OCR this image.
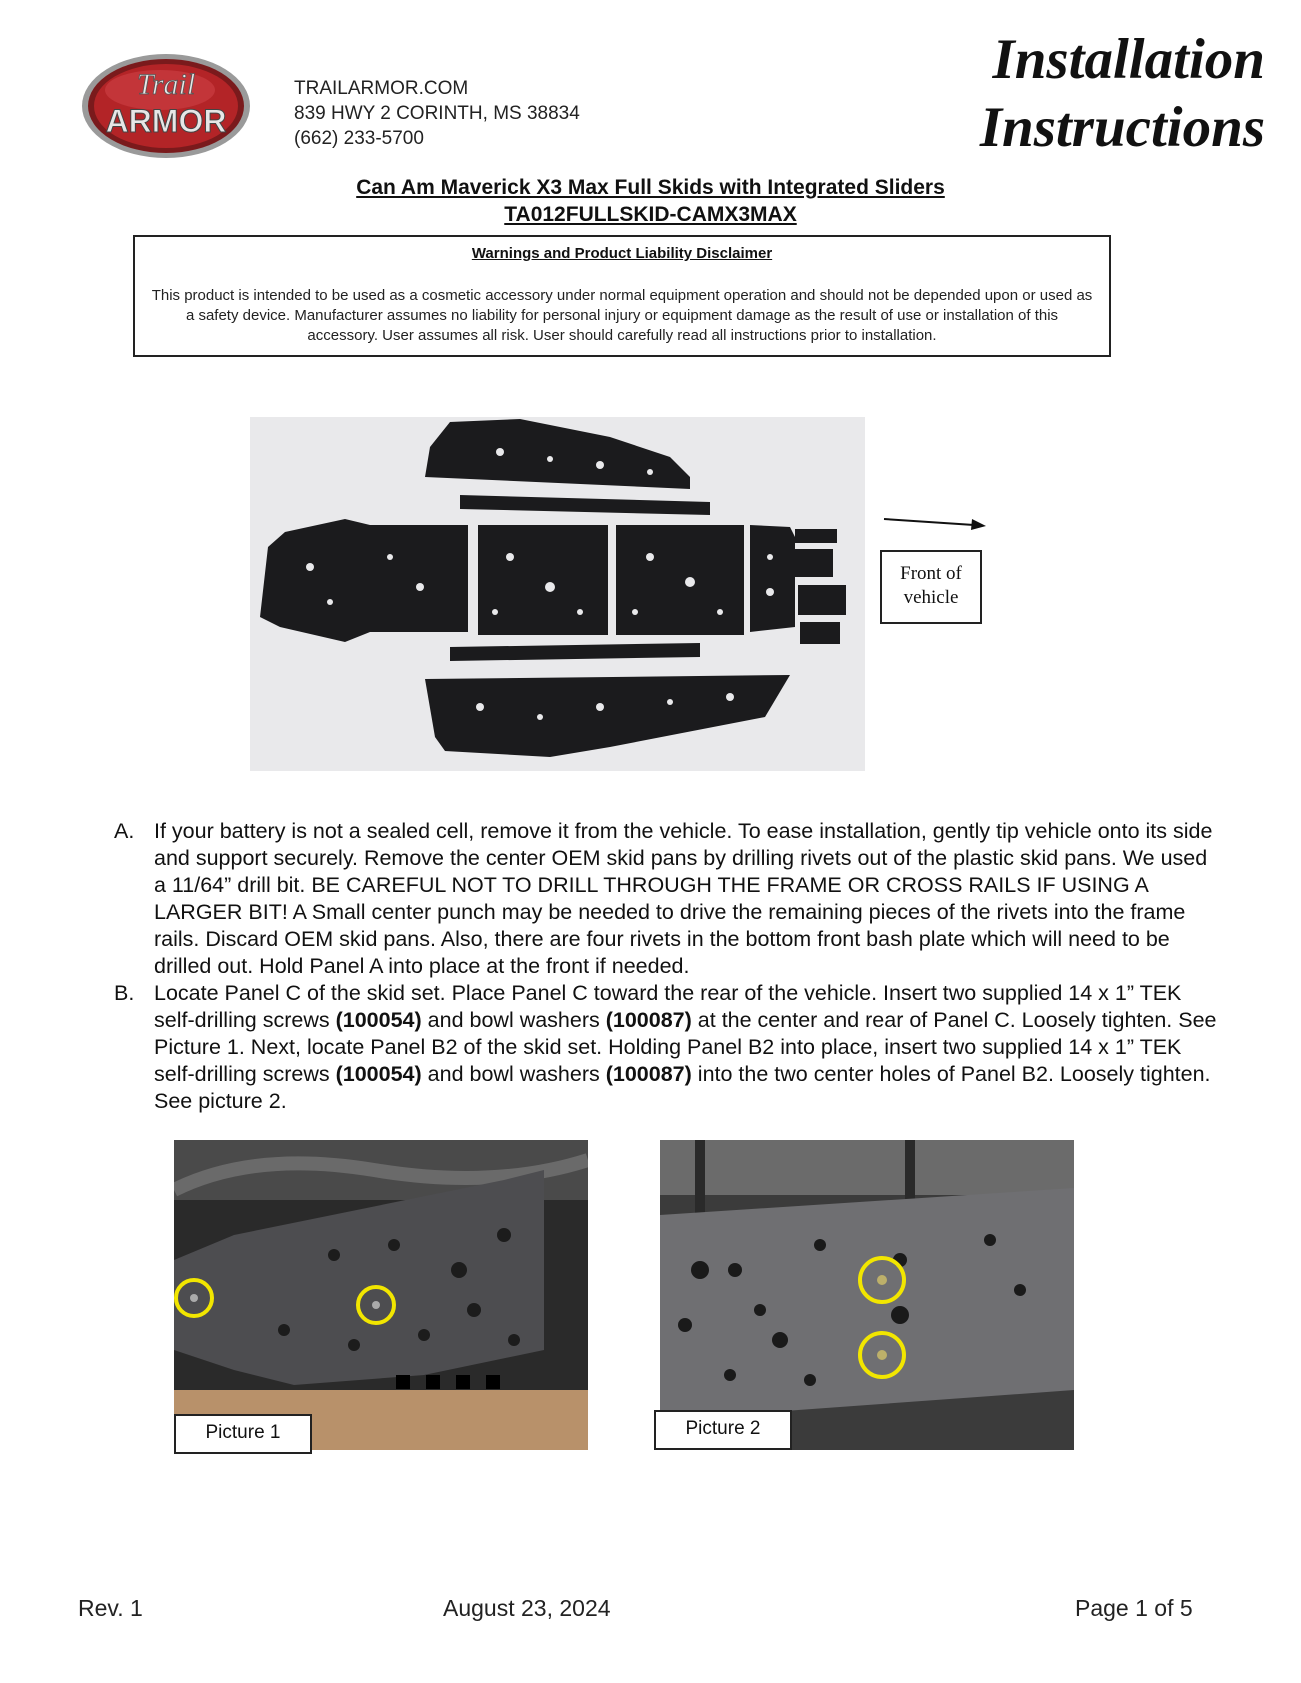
Trail
ARMOR
TRAILARMOR.COM
839 HWY 2 CORINTH, MS 38834
(662) 233-5700
Installation
Instructions
Can Am Maverick X3 Max Full Skids with Integrated Sliders
TA012FULLSKID-CAMX3MAX
Warnings and Product Liability Disclaimer
This product is intended to be used as a cosmetic accessory under normal equipment operation and should not be depended upon or used as a safety device. Manufacturer assumes no liability for personal injury or equipment damage as the result of use or installation of this accessory. User assumes all risk. User should carefully read all instructions prior to installation.
Front of vehicle

A. If your battery is not a sealed cell, remove it from the vehicle. To ease installation, gently tip vehicle onto its side and support securely. Remove the center OEM skid pans by drilling rivets out of the plastic skid pans. We used a 11/64” drill bit. BE CAREFUL NOT TO DRILL THROUGH THE FRAME OR CROSS RAILS IF USING A LARGER BIT! A Small center punch may be needed to drive the remaining pieces of the rivets into the frame rails. Discard OEM skid pans. Also, there are four rivets in the bottom front bash plate which will need to be drilled out. Hold Panel A into place at the front if needed.

B. Locate Panel C of the skid set. Place Panel C toward the rear of the vehicle. Insert two supplied 14 x 1” TEK self-drilling screws (100054) and bowl washers (100087) at the center and rear of Panel C. Loosely tighten. See Picture 1. Next, locate Panel B2 of the skid set. Holding Panel B2 into place, insert two supplied 14 x 1” TEK self-drilling screws (100054) and bowl washers (100087) into the two center holes of Panel B2. Loosely tighten. See picture 2.

Picture 1	Picture 2
Rev. 1	August 23, 2024	Page 1 of 5
